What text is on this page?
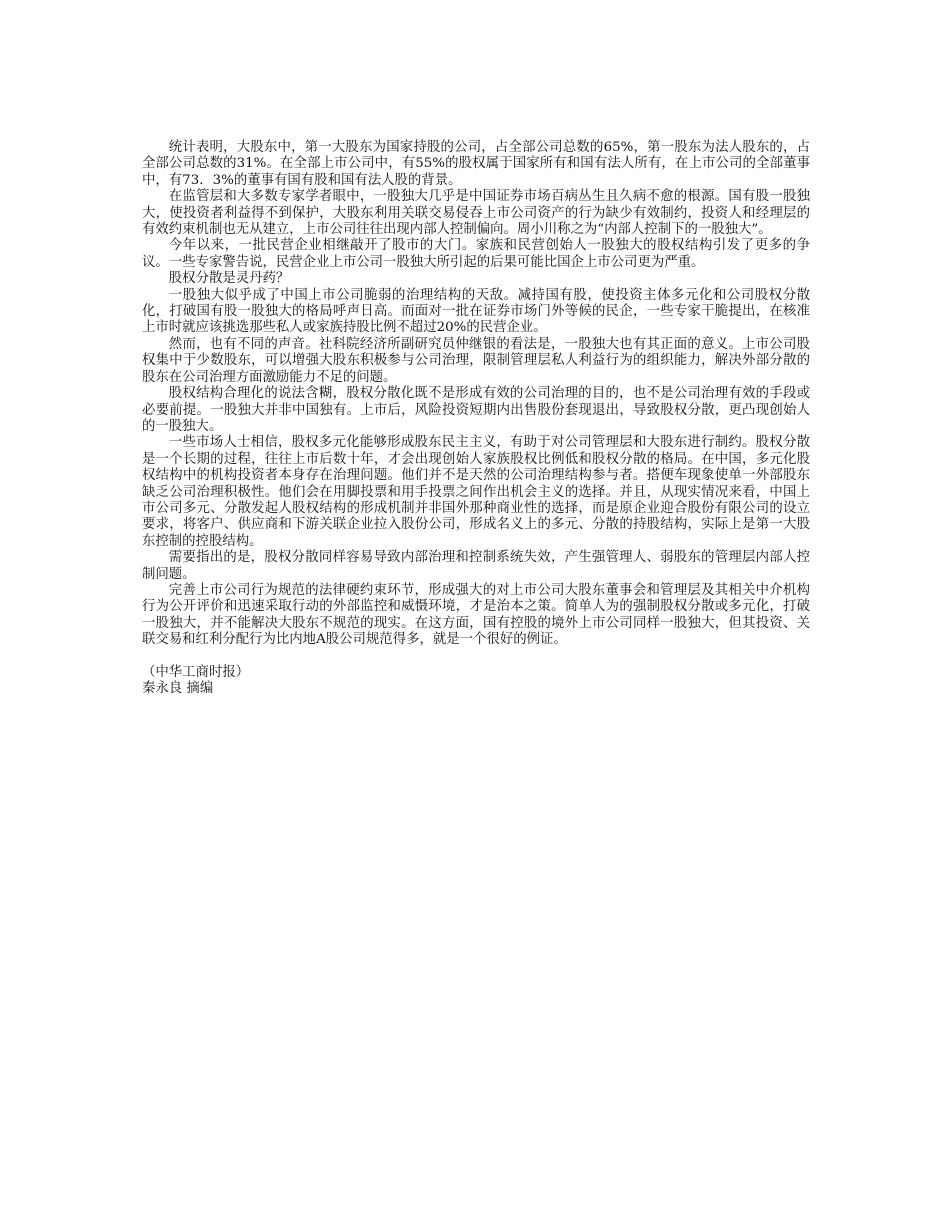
统计表明，大股东中，第一大股东为国家持股的公司，占全部公司总数的65%，第一股东为法人股东的，占全部公司总数的31%。在全部上市公司中，有55%的股权属于国家所有和国有法人所有，在上市公司的全部董事中，有73．3%的董事有国有股和国有法人股的背景。

在监管层和大多数专家学者眼中，一股独大几乎是中国证券市场百病丛生且久病不愈的根源。国有股一股独大，使投资者利益得不到保护，大股东利用关联交易侵吞上市公司资产的行为缺少有效制约，投资人和经理层的有效约束机制也无从建立，上市公司往往出现内部人控制偏向。周小川称之为“内部人控制下的一股独大”。

今年以来，一批民营企业相继敲开了股市的大门。家族和民营创始人一股独大的股权结构引发了更多的争议。一些专家警告说，民营企业上市公司一股独大所引起的后果可能比国企上市公司更为严重。

股权分散是灵丹药？

一股独大似乎成了中国上市公司脆弱的治理结构的天敌。减持国有股，使投资主体多元化和公司股权分散化，打破国有股一股独大的格局呼声日高。而面对一批在证券市场门外等候的民企，一些专家干脆提出，在核准上市时就应该挑选那些私人或家族持股比例不超过20%的民营企业。

然而，也有不同的声音。社科院经济所副研究员仲继银的看法是，一股独大也有其正面的意义。上市公司股权集中于少数股东，可以增强大股东积极参与公司治理，限制管理层私人利益行为的组织能力，解决外部分散的股东在公司治理方面激励能力不足的问题。

股权结构合理化的说法含糊，股权分散化既不是形成有效的公司治理的目的，也不是公司治理有效的手段或必要前提。一股独大并非中国独有。上市后，风险投资短期内出售股份套现退出，导致股权分散，更凸现创始人的一股独大。

一些市场人士相信，股权多元化能够形成股东民主主义，有助于对公司管理层和大股东进行制约。股权分散是一个长期的过程，往往上市后数十年，才会出现创始人家族股权比例低和股权分散的格局。在中国，多元化股权结构中的机构投资者本身存在治理问题。他们并不是天然的公司治理结构参与者。搭便车现象使单一外部股东缺乏公司治理积极性。他们会在用脚投票和用手投票之间作出机会主义的选择。并且，从现实情况来看，中国上市公司多元、分散发起人股权结构的形成机制并非国外那种商业性的选择，而是原企业迎合股份有限公司的设立要求，将客户、供应商和下游关联企业拉入股份公司，形成名义上的多元、分散的持股结构，实际上是第一大股东控制的控股结构。

需要指出的是，股权分散同样容易导致内部治理和控制系统失效，产生强管理人、弱股东的管理层内部人控制问题。

完善上市公司行为规范的法律硬约束环节，形成强大的对上市公司大股东董事会和管理层及其相关中介机构行为公开评价和迅速采取行动的外部监控和威慑环境，才是治本之策。简单人为的强制股权分散或多元化，打破一股独大，并不能解决大股东不规范的现实。在这方面，国有控股的境外上市公司同样一股独大，但其投资、关联交易和红利分配行为比内地A股公司规范得多，就是一个很好的例证。

（中华工商时报）

秦永良 摘编
